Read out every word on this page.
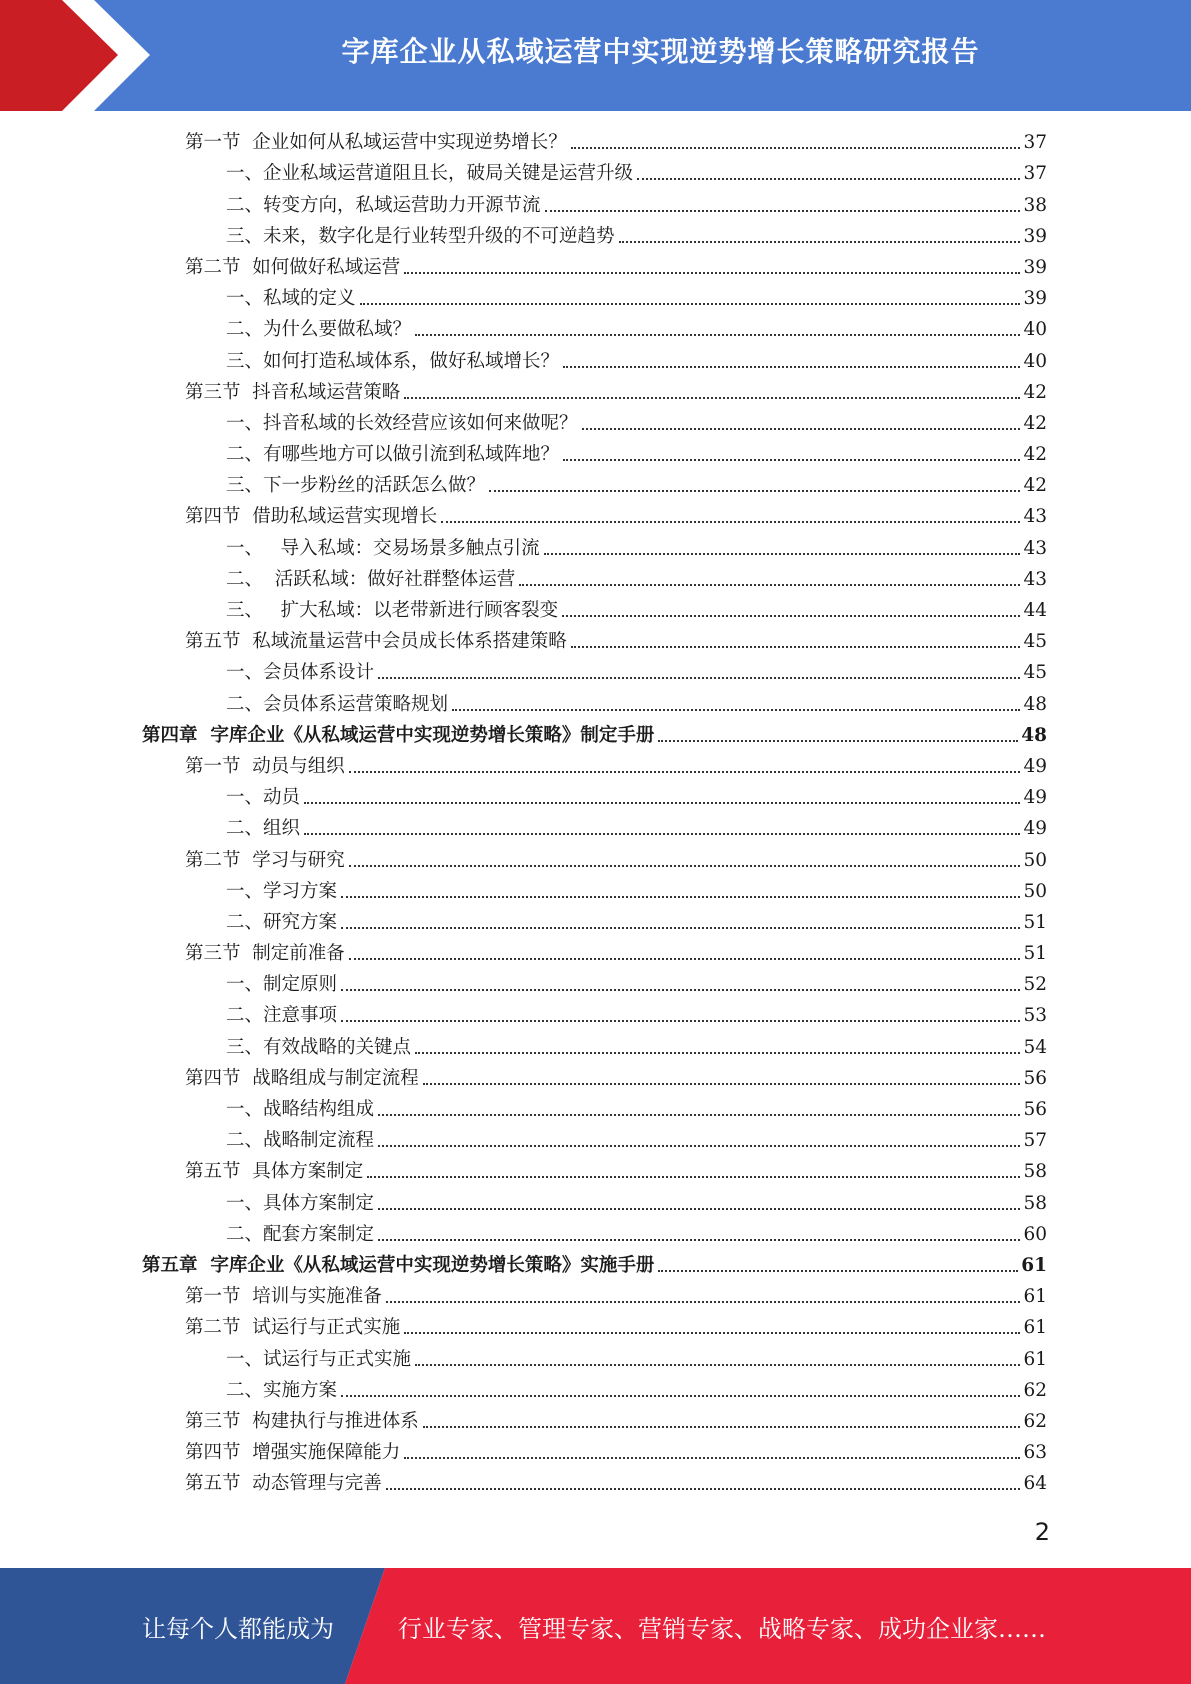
字库企业从私域运营中实现逆势增长策略研究报告
第一节  企业如何从私域运营中实现逆势增长？	37
一、企业私域运营道阻且长，破局关键是运营升级	37
二、转变方向，私域运营助力开源节流	38
三、未来，数字化是行业转型升级的不可逆趋势	39
第二节  如何做好私域运营	39
一、私域的定义	39
二、为什么要做私域？	40
三、如何打造私域体系，做好私域增长？	40
第三节  抖音私域运营策略	42
一、抖音私域的长效经营应该如何来做呢？	42
二、有哪些地方可以做引流到私域阵地？	42
三、下一步粉丝的活跃怎么做？	42
第四节  借助私域运营实现增长	43
一、   导入私域：交易场景多触点引流	43
二、  活跃私域：做好社群整体运营	43
三、   扩大私域：以老带新进行顾客裂变	44
第五节  私域流量运营中会员成长体系搭建策略	45
一、会员体系设计	45
二、会员体系运营策略规划	48
第四章  字库企业《从私域运营中实现逆势增长策略》制定手册	48
第一节  动员与组织	49
一、动员	49
二、组织	49
第二节  学习与研究	50
一、学习方案	50
二、研究方案	51
第三节  制定前准备	51
一、制定原则	52
二、注意事项	53
三、有效战略的关键点	54
第四节  战略组成与制定流程	56
一、战略结构组成	56
二、战略制定流程	57
第五节  具体方案制定	58
一、具体方案制定	58
二、配套方案制定	60
第五章  字库企业《从私域运营中实现逆势增长策略》实施手册	61
第一节  培训与实施准备	61
第二节  试运行与正式实施	61
一、试运行与正式实施	61
二、实施方案	62
第三节  构建执行与推进体系	62
第四节  增强实施保障能力	63
第五节  动态管理与完善	64
2
让每个人都能成为	行业专家、管理专家、营销专家、战略专家、成功企业家……
